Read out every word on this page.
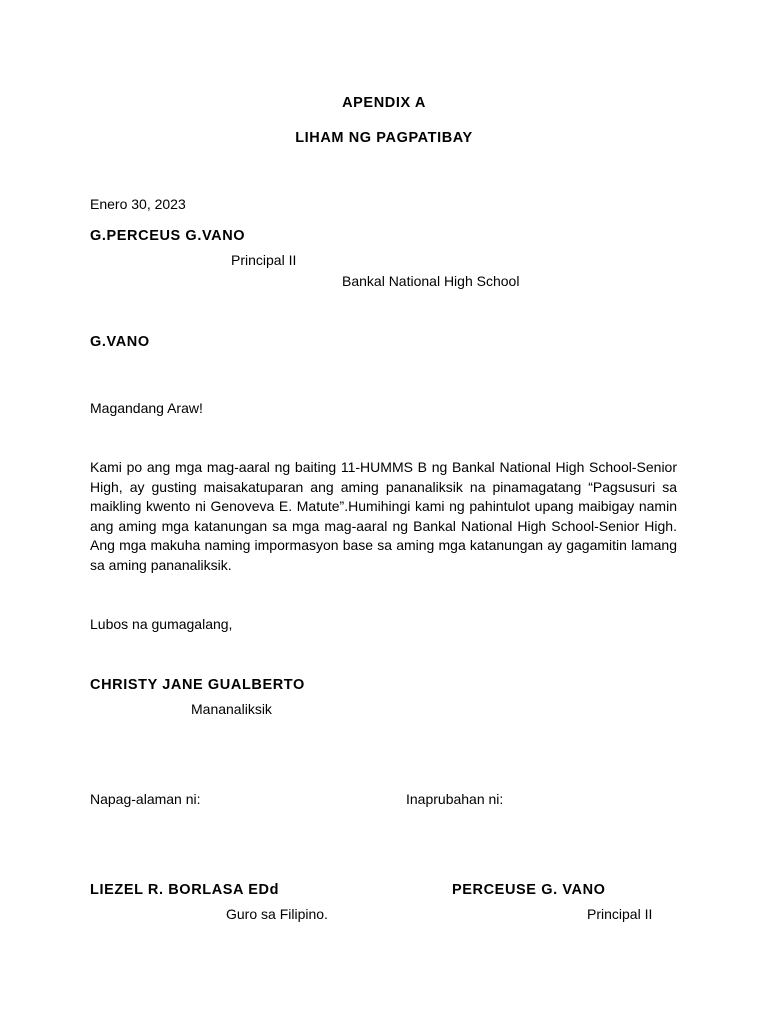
APENDIX A
LIHAM NG PAGPATIBAY
Enero 30, 2023
G.PERCEUS G.VANO
Principal II
Bankal National High School
G.VANO
Magandang Araw!
Kami po ang mga mag-aaral ng baiting 11-HUMMS B ng Bankal National High School-Senior High, ay gusting maisakatuparan ang aming pananaliksik na pinamagatang “Pagsusuri sa maikling kwento ni Genoveva E. Matute”.Humihingi kami ng pahintulot upang maibigay namin ang aming mga katanungan sa mga mag-aaral ng Bankal National High School-Senior High. Ang mga makuha naming impormasyon base sa aming mga katanungan ay gagamitin lamang sa aming pananaliksik.
Lubos na gumagalang,
CHRISTY JANE GUALBERTO
Mananaliksik
Napag-alaman ni:	Inaprubahan ni:
LIEZEL R. BORLASA EDd	PERCEUSE G. VANO
Guro sa Filipino.	Principal II
